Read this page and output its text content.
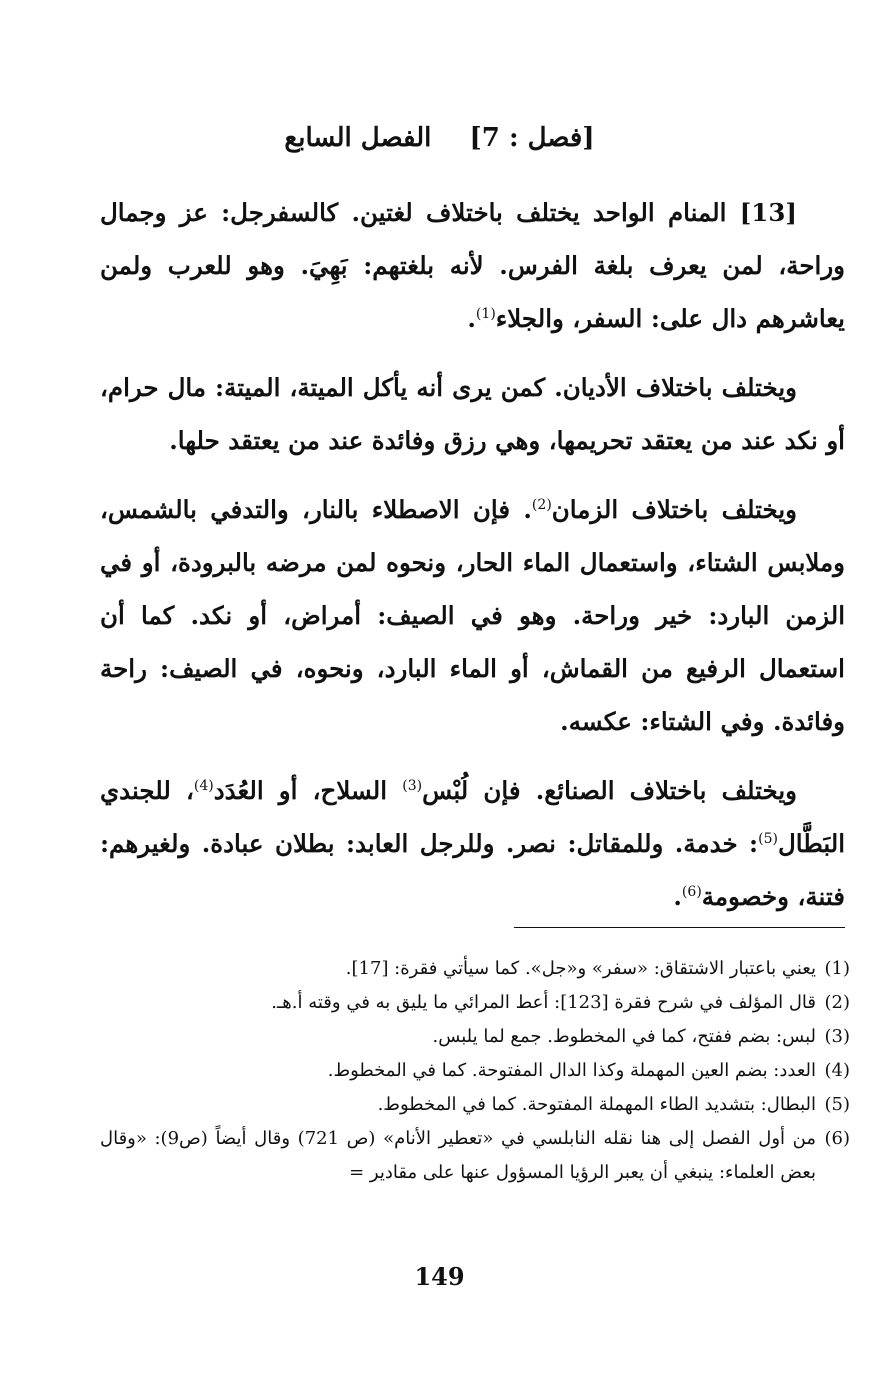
[فصل : 7]  الفصل السابع

[13] المنام الواحد يختلف باختلاف لغتين. كالسفرجل: عز وجمال وراحة، لمن يعرف بلغة الفرس. لأنه بلغتهم: بَهِيَ. وهو للعرب ولمن يعاشرهم دال على: السفر، والجلاء$^{(1)}$.

ويختلف باختلاف الأديان. كمن يرى أنه يأكل الميتة، الميتة: مال حرام، أو نكد عند من يعتقد تحريمها، وهي رزق وفائدة عند من يعتقد حلها.

ويختلف باختلاف الزمان$^{(2)}$. فإن الاصطلاء بالنار، والتدفي بالشمس، وملابس الشتاء، واستعمال الماء الحار، ونحوه لمن مرضه بالبرودة، أو في الزمن البارد: خير وراحة. وهو في الصيف: أمراض، أو نكد. كما أن استعمال الرفيع من القماش، أو الماء البارد، ونحوه، في الصيف: راحة وفائدة. وفي الشتاء: عكسه.

ويختلف باختلاف الصنائع. فإن لُبْس$^{(3)}$ السلاح، أو العُدَد$^{(4)}$، للجندي البَطَّال$^{(5)}$: خدمة. وللمقاتل: نصر. وللرجل العابد: بطلان عبادة. ولغيرهم: فتنة، وخصومة$^{(6)}$.

(1)
يعني باعتبار الاشتقاق: «سفر» و«جل». كما سيأتي فقرة: [17].
(2)
قال المؤلف في شرح فقرة [123]: أعط المرائي ما يليق به في وقته أ.هـ.
(3)
لبس: بضم ففتح، كما في المخطوط. جمع لما يلبس.
(4)
العدد: بضم العين المهملة وكذا الدال المفتوحة. كما في المخطوط.
(5)
البطال: بتشديد الطاء المهملة المفتوحة. كما في المخطوط.
(6)
من أول الفصل إلى هنا نقله النابلسي في «تعطير الأنام» (ص 721) وقال أيضاً (ص9): «وقال بعض العلماء: ينبغي أن يعبر الرؤيا المسؤول عنها على مقادير =
149
